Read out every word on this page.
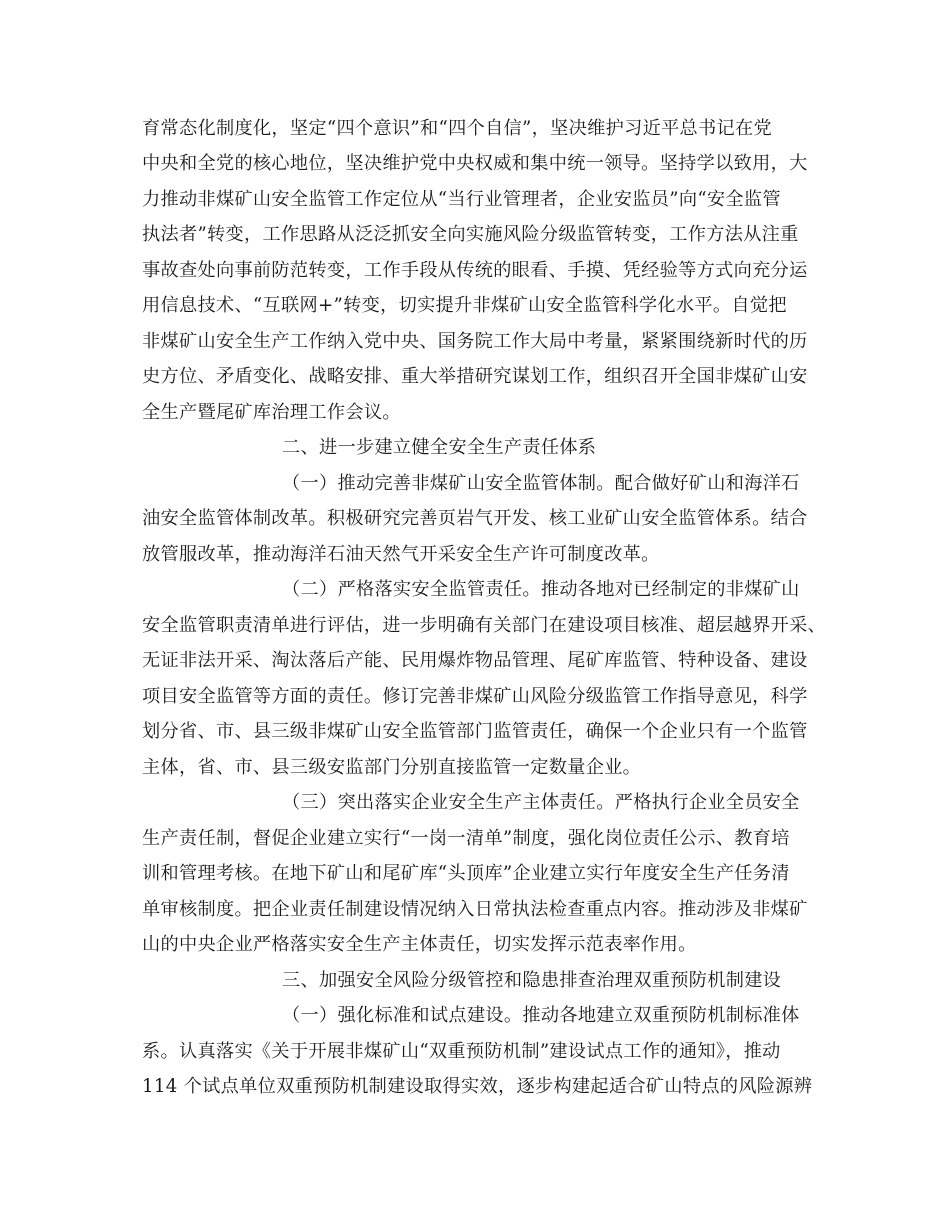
育常态化制度化，坚定“四个意识”和“四个自信”，坚决维护习近平总书记在党
中央和全党的核心地位，坚决维护党中央权威和集中统一领导。坚持学以致用，大
力推动非煤矿山安全监管工作定位从“当行业管理者，企业安监员”向“安全监管
执法者”转变，工作思路从泛泛抓安全向实施风险分级监管转变，工作方法从注重
事故查处向事前防范转变，工作手段从传统的眼看、手摸、凭经验等方式向充分运
用信息技术、“互联网+”转变，切实提升非煤矿山安全监管科学化水平。自觉把
非煤矿山安全生产工作纳入党中央、国务院工作大局中考量，紧紧围绕新时代的历
史方位、矛盾变化、战略安排、重大举措研究谋划工作，组织召开全国非煤矿山安
全生产暨尾矿库治理工作会议。
二、进一步建立健全安全生产责任体系
（一）推动完善非煤矿山安全监管体制。配合做好矿山和海洋石
油安全监管体制改革。积极研究完善页岩气开发、核工业矿山安全监管体系。结合
放管服改革，推动海洋石油天然气开采安全生产许可制度改革。
（二）严格落实安全监管责任。推动各地对已经制定的非煤矿山
安全监管职责清单进行评估，进一步明确有关部门在建设项目核准、超层越界开采、
无证非法开采、淘汰落后产能、民用爆炸物品管理、尾矿库监管、特种设备、建设
项目安全监管等方面的责任。修订完善非煤矿山风险分级监管工作指导意见，科学
划分省、市、县三级非煤矿山安全监管部门监管责任，确保一个企业只有一个监管
主体，省、市、县三级安监部门分别直接监管一定数量企业。
（三）突出落实企业安全生产主体责任。严格执行企业全员安全
生产责任制，督促企业建立实行“一岗一清单”制度，强化岗位责任公示、教育培
训和管理考核。在地下矿山和尾矿库“头顶库”企业建立实行年度安全生产任务清
单审核制度。把企业责任制建设情况纳入日常执法检查重点内容。推动涉及非煤矿
山的中央企业严格落实安全生产主体责任，切实发挥示范表率作用。
三、加强安全风险分级管控和隐患排查治理双重预防机制建设
（一）强化标准和试点建设。推动各地建立双重预防机制标准体
系。认真落实《关于开展非煤矿山“双重预防机制”建设试点工作的通知》，推动
114 个试点单位双重预防机制建设取得实效，逐步构建起适合矿山特点的风险源辨
